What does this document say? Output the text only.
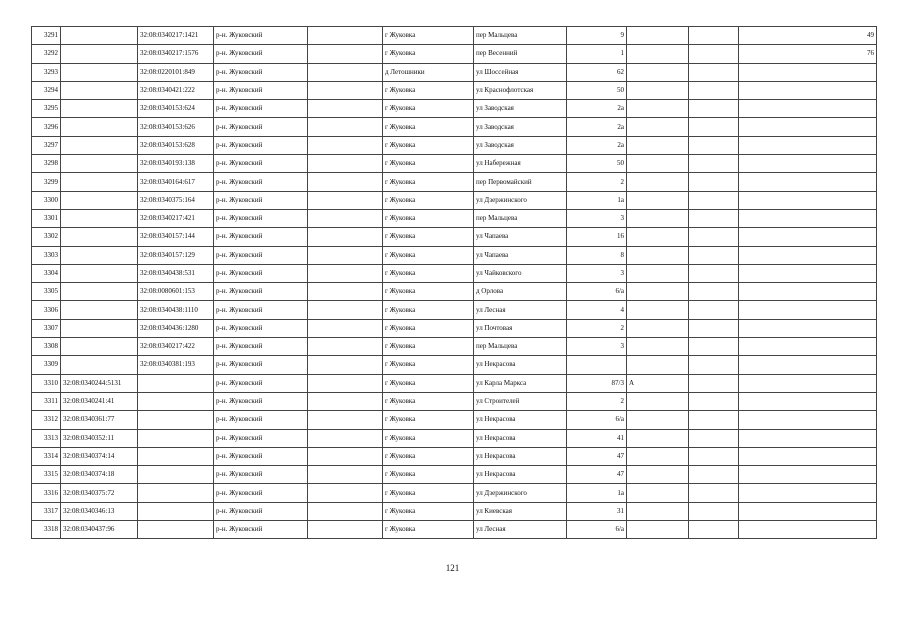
3291		32:08:0340217:1421	р-н. Жуковский		г Жуковка	пер Мальцева	9			49
3292		32:08:0340217:1576	р-н. Жуковский		г Жуковка	пер Весенний	1			76
3293		32:08:0220101:849	р-н. Жуковский		д Летошники	ул Шоссейная	62			
3294		32:08:0340421:222	р-н. Жуковский		г Жуковка	ул Краснофлотская	50			
3295		32:08:0340153:624	р-н. Жуковский		г Жуковка	ул Заводская	2а			
3296		32:08:0340153:626	р-н. Жуковский		г Жуковка	ул Заводская	2а			
3297		32:08:0340153:628	р-н. Жуковский		г Жуковка	ул Заводская	2а			
3298		32:08:0340193:138	р-н. Жуковский		г Жуковка	ул Набережная	50			
3299		32:08:0340164:617	р-н. Жуковский		г Жуковка	пер Первомайский	2			
3300		32:08:0340375:164	р-н. Жуковский		г Жуковка	ул Дзержинского	1а			
3301		32:08:0340217:421	р-н. Жуковский		г Жуковка	пер Мальцева	3			
3302		32:08:0340157:144	р-н. Жуковский		г Жуковка	ул Чапаева	16			
3303		32:08:0340157:129	р-н. Жуковский		г Жуковка	ул Чапаева	8			
3304		32:08:0340438:531	р-н. Жуковский		г Жуковка	ул Чайковского	3			
3305		32:08:0080601:153	р-н. Жуковский		г Жуковка	д Орлова	6/а			
3306		32:08:0340438:1110	р-н. Жуковский		г Жуковка	ул Лесная	4			
3307		32:08:0340436:1280	р-н. Жуковский		г Жуковка	ул Почтовая	2			
3308		32:08:0340217:422	р-н. Жуковский		г Жуковка	пер Мальцева	3			
3309		32:08:0340381:193	р-н. Жуковский		г Жуковка	ул Некрасова				
3310	32:08:0340244:5131		р-н. Жуковский		г Жуковка	ул Карла Маркса	87/3	А		
3311	32:08:0340241:41		р-н. Жуковский		г Жуковка	ул Строителей	2			
3312	32:08:0340361:77		р-н. Жуковский		г Жуковка	ул Некрасова	6/а			
3313	32:08:0340352:11		р-н. Жуковский		г Жуковка	ул Некрасова	41			
3314	32:08:0340374:14		р-н. Жуковский		г Жуковка	ул Некрасова	47			
3315	32:08:0340374:18		р-н. Жуковский		г Жуковка	ул Некрасова	47			
3316	32:08:0340375:72		р-н. Жуковский		г Жуковка	ул Дзержинского	1а			
3317	32:08:0340346:13		р-н. Жуковский		г Жуковка	ул Киевская	31			
3318	32:08:0340437:96		р-н. Жуковский		г Жуковка	ул Лесная	6/а			
121
